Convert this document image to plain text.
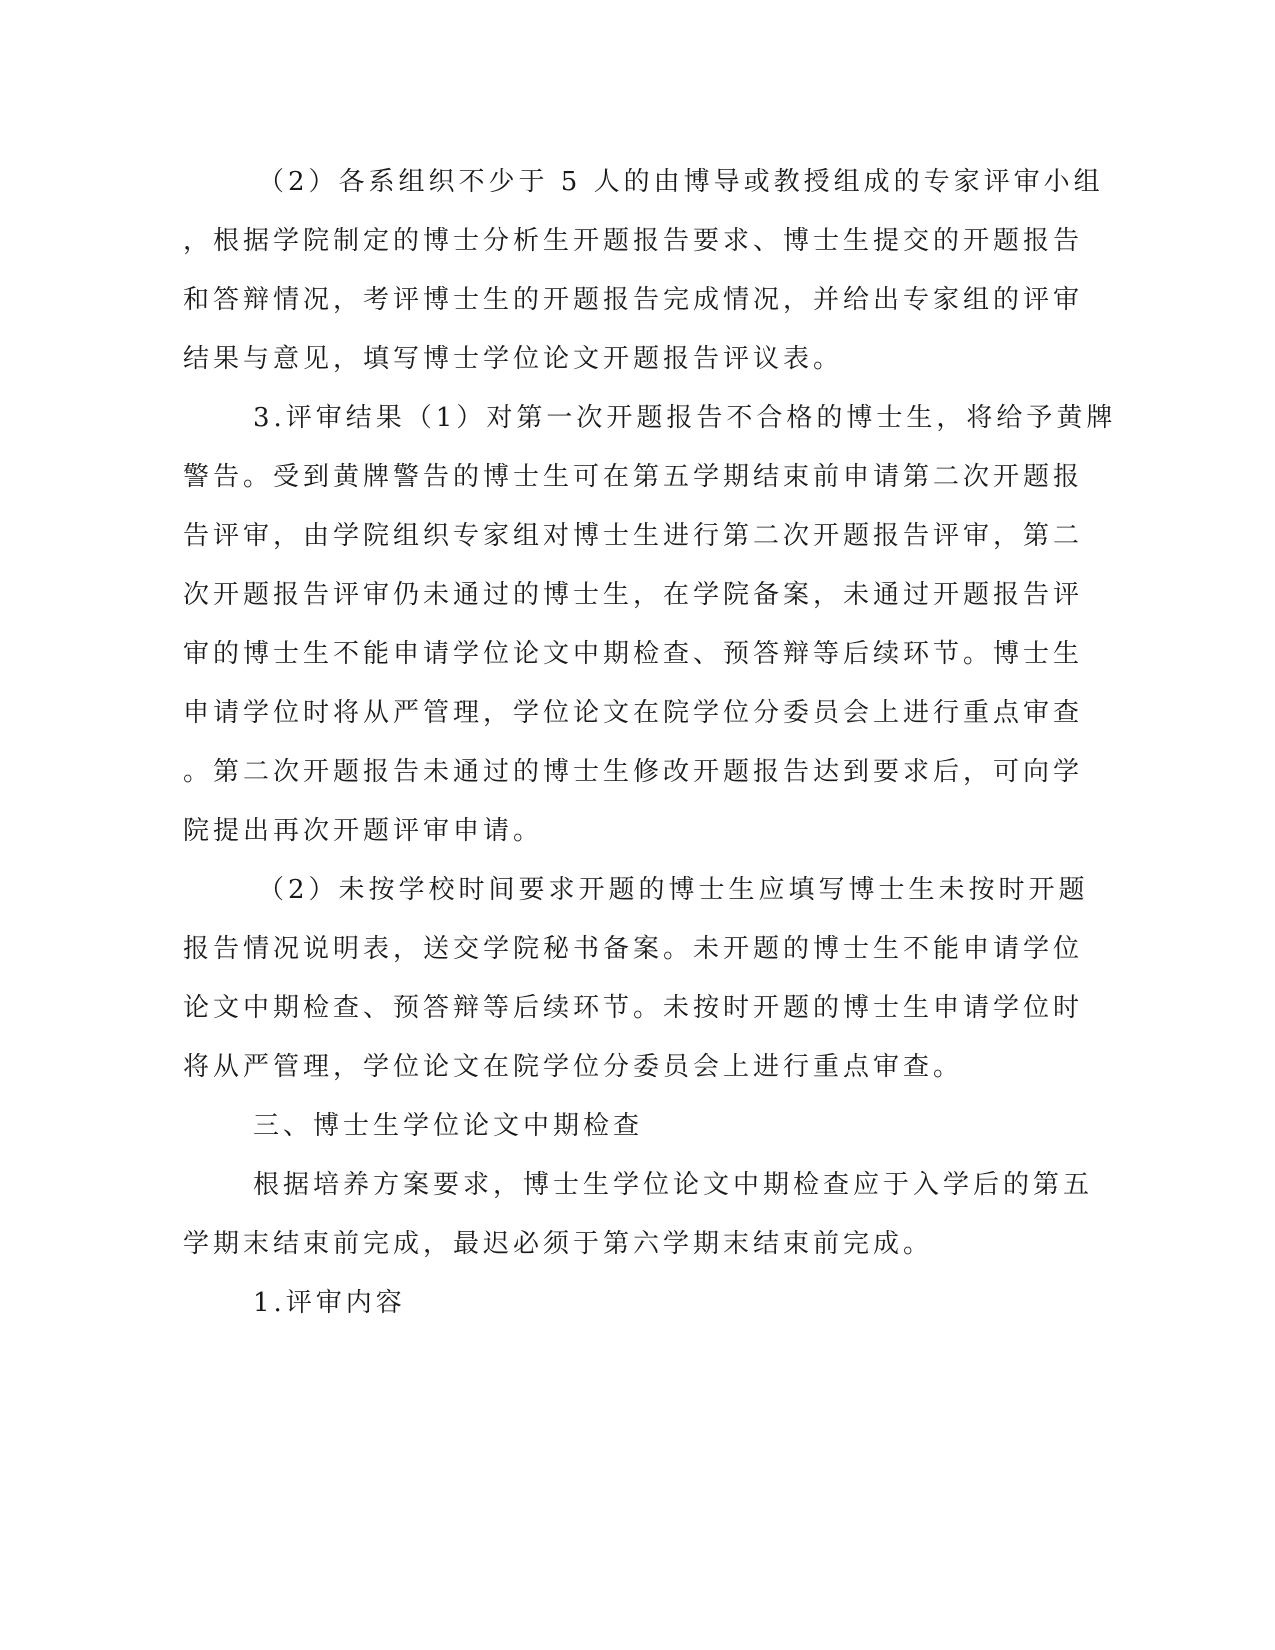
（2）各系组织不少于 5 人的由博导或教授组成的专家评审小组
，根据学院制定的博士分析生开题报告要求、博士生提交的开题报告
和答辩情况，考评博士生的开题报告完成情况，并给出专家组的评审
结果与意见，填写博士学位论文开题报告评议表。
3.评审结果（1）对第一次开题报告不合格的博士生，将给予黄牌
警告。受到黄牌警告的博士生可在第五学期结束前申请第二次开题报
告评审，由学院组织专家组对博士生进行第二次开题报告评审，第二
次开题报告评审仍未通过的博士生，在学院备案，未通过开题报告评
审的博士生不能申请学位论文中期检查、预答辩等后续环节。博士生
申请学位时将从严管理，学位论文在院学位分委员会上进行重点审查
。第二次开题报告未通过的博士生修改开题报告达到要求后，可向学
院提出再次开题评审申请。
（2）未按学校时间要求开题的博士生应填写博士生未按时开题
报告情况说明表，送交学院秘书备案。未开题的博士生不能申请学位
论文中期检查、预答辩等后续环节。未按时开题的博士生申请学位时
将从严管理，学位论文在院学位分委员会上进行重点审查。
三、博士生学位论文中期检查
根据培养方案要求，博士生学位论文中期检查应于入学后的第五
学期末结束前完成，最迟必须于第六学期末结束前完成。
1.评审内容
